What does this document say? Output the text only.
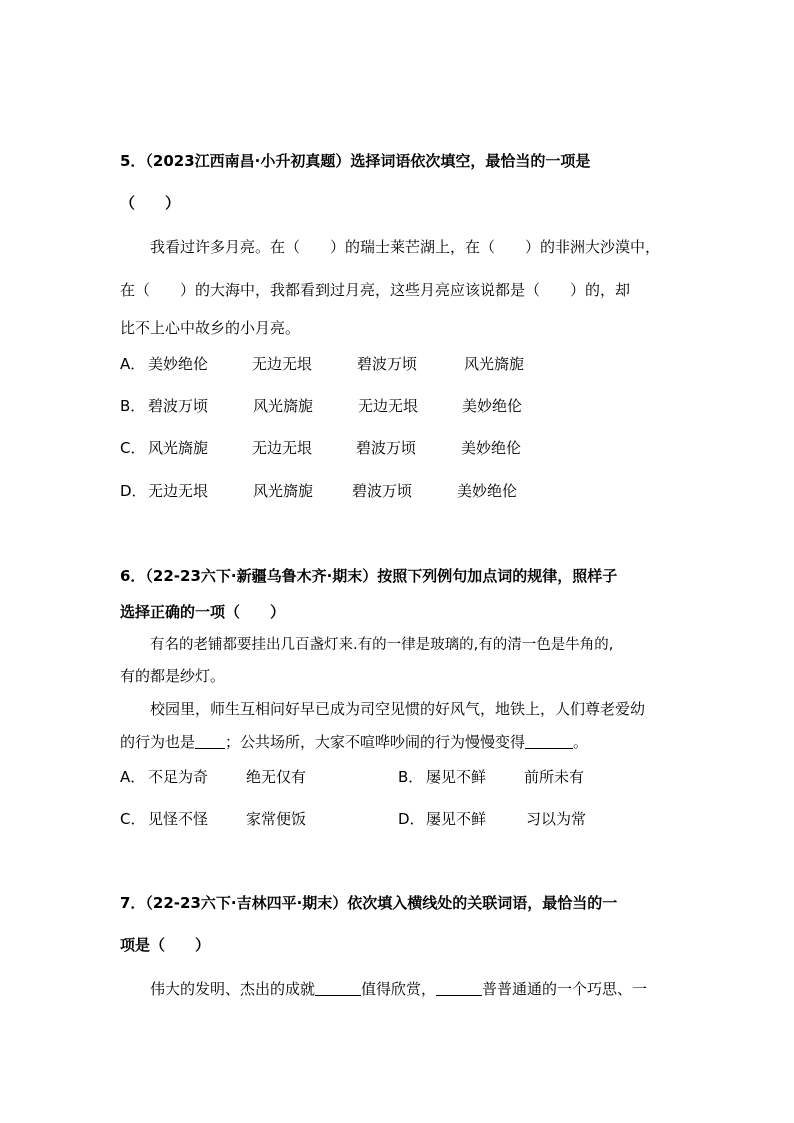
5．（2023江西南昌·小升初真题）选择词语依次填空，最恰当的一项是
（　　）
我看过许多月亮。在（　　）的瑞士莱芒湖上，在（　　）的非洲大沙漠中，
在（　　）的大海中，我都看到过月亮，这些月亮应该说都是（　　）的，却
比不上心中故乡的小月亮。
A． 美妙绝伦	无边无垠	碧波万顷	风光旖旎
B． 碧波万顷	风光旖旎	无边无垠	美妙绝伦
C． 风光旖旎	无边无垠	碧波万顷	美妙绝伦
D． 无边无垠	风光旖旎	碧波万顷	美妙绝伦
6．（22-23六下·新疆乌鲁木齐·期末）按照下列例句加点词的规律，照样子
选择正确的一项（　　）
有名的老铺都要挂出几百盏灯来.有的一律是玻璃的,有的清一色是牛角的,
有的都是纱灯。
校园里，师生互相问好早已成为司空见惯的好风气，地铁上，人们尊老爱幼
的行为也是 ；公共场所，大家不喧哗吵闹的行为慢慢变得	。
A． 不足为奇	绝无仅有	B． 屡见不鲜	前所未有
C． 见怪不怪	家常便饭	D． 屡见不鲜	习以为常
7．（22-23六下·吉林四平·期末）依次填入横线处的关联词语，最恰当的一
项是（　　）
伟大的发明、杰出的成就	值得欣赏，	普普通通的一个巧思、一
